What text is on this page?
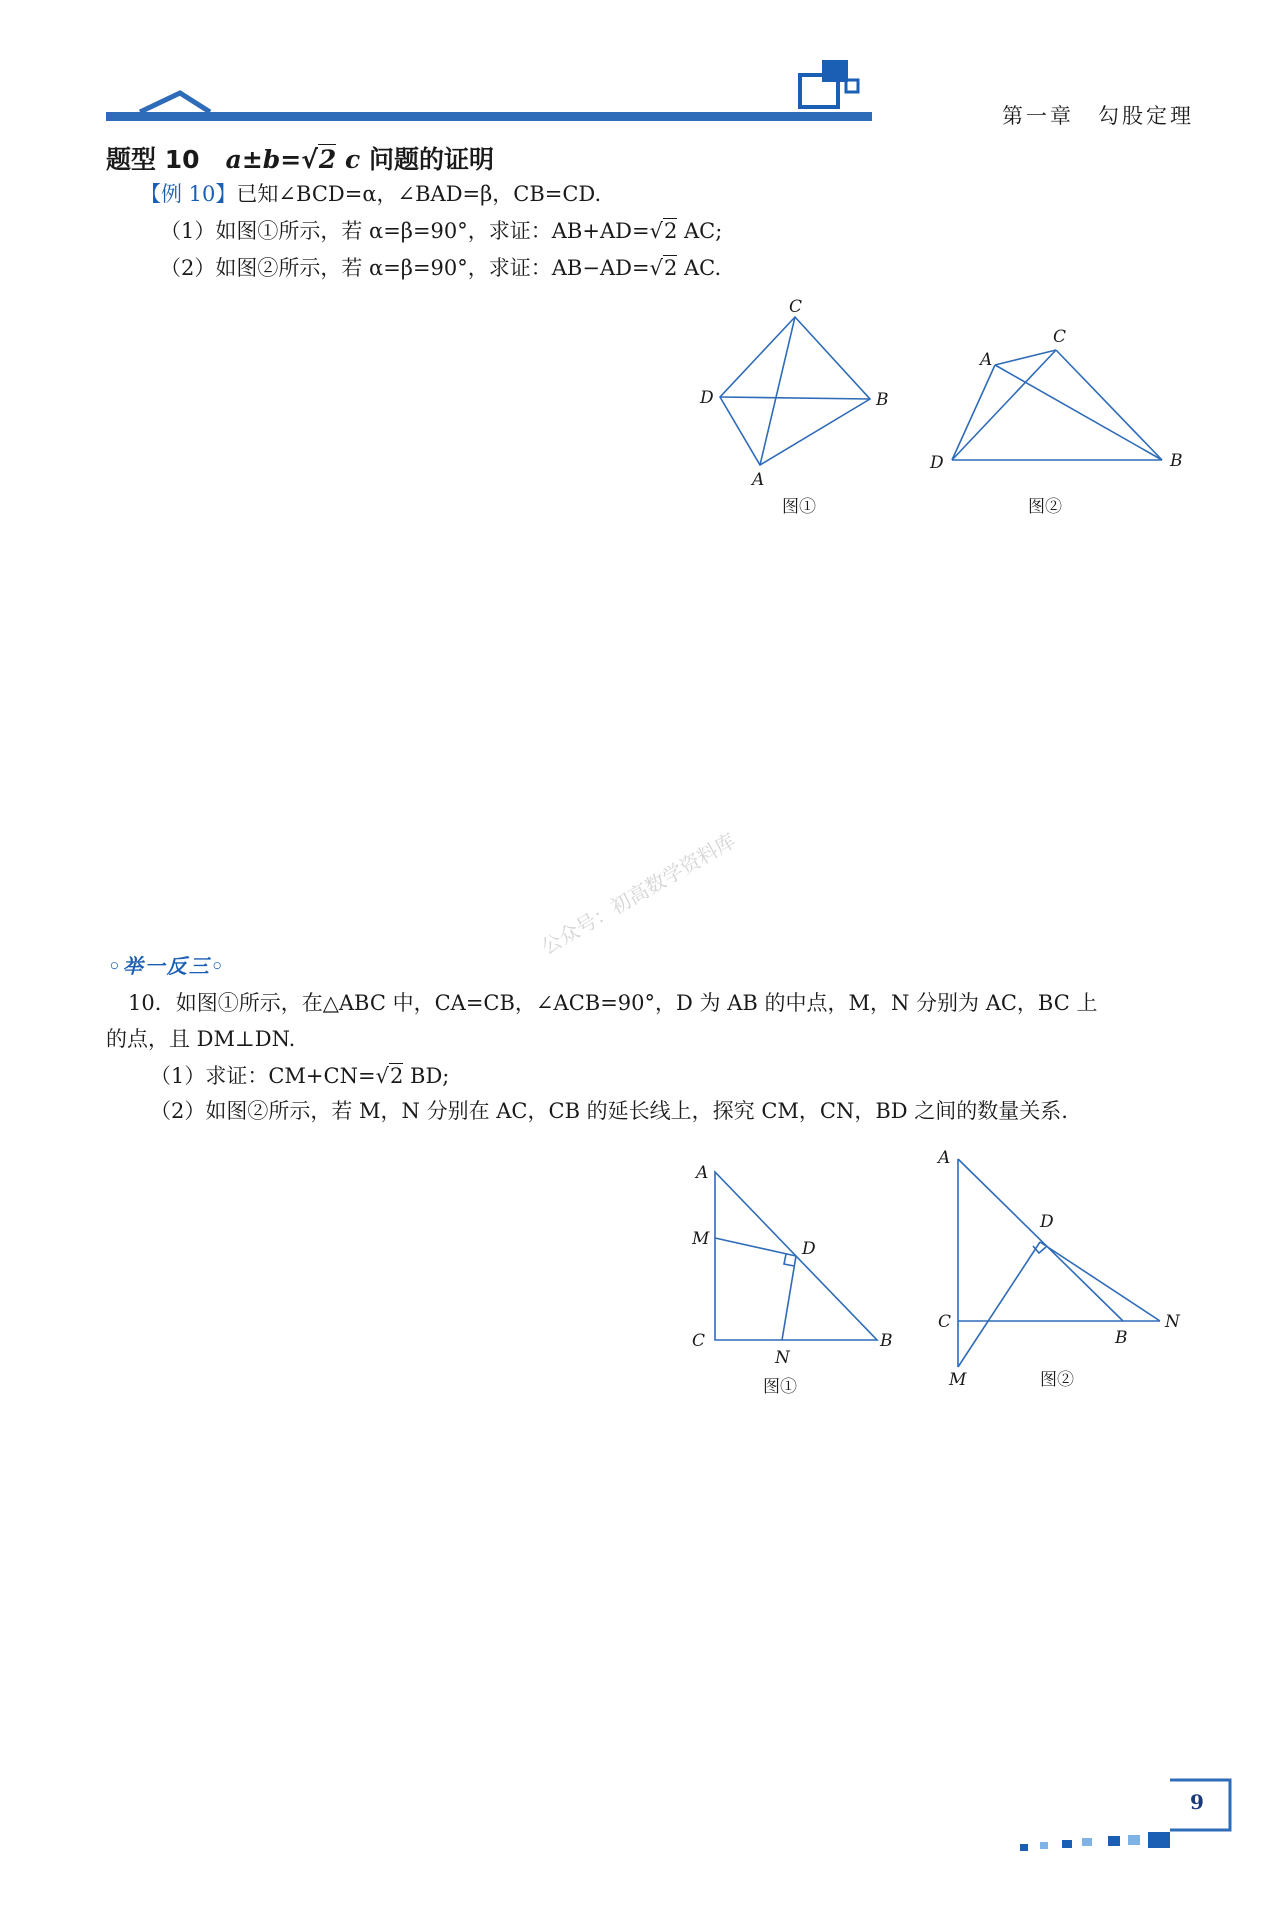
第一章　勾股定理
题型 10 a±b=√2 c 问题的证明
【例 10】已知∠BCD=α，∠BAD=β，CB=CD.
（1）如图①所示，若 α=β=90°，求证：AB+AD=√2 AC;
（2）如图②所示，若 α=β=90°，求证：AB−AD=√2 AC.
C
D	B
A
图①
C
A
D	B
图②
◦举一反三◦
公众号：初高数学资料库
10．如图①所示，在△ABC 中，CA=CB，∠ACB=90°，D 为 AB 的中点，M，N 分别为 AC，BC 上
的点，且 DM⊥DN.
（1）求证：CM+CN=√2 BD;
（2）如图②所示，若 M，N 分别在 AC，CB 的延长线上，探究 CM，CN，BD 之间的数量关系.
A
M	D
C
N
B
图①
A
D
C
B
N
M	图②
9
